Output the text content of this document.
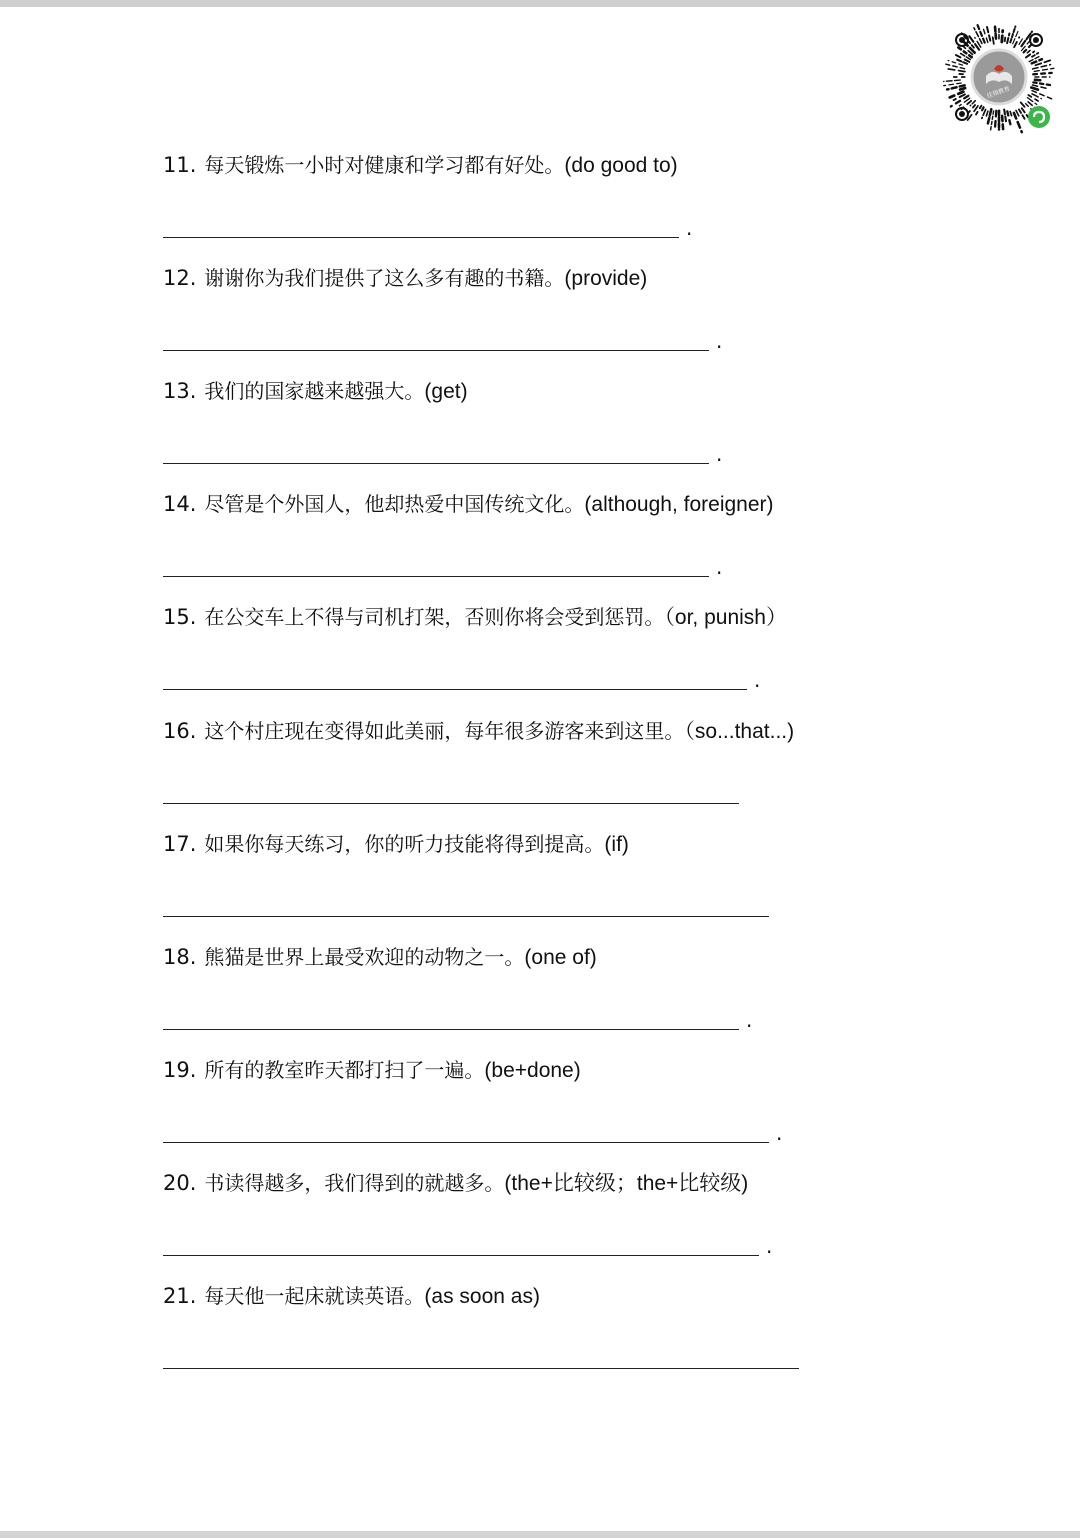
佳翔教育
11. 每天锻炼一小时对健康和学习都有好处。(do good to)
.
12. 谢谢你为我们提供了这么多有趣的书籍。(provide)
.
13. 我们的国家越来越强大。(get)
.
14. 尽管是个外国人，他却热爱中国传统文化。(although, foreigner)
.
15. 在公交车上不得与司机打架，否则你将会受到惩罚。（or, punish）
.
16. 这个村庄现在变得如此美丽，每年很多游客来到这里。（so...that...)
17. 如果你每天练习，你的听力技能将得到提高。(if)
18. 熊猫是世界上最受欢迎的动物之一。(one of)
.
19. 所有的教室昨天都打扫了一遍。(be+done)
.
20. 书读得越多，我们得到的就越多。(the+比较级；the+比较级)
.
21. 每天他一起床就读英语。(as soon as)
